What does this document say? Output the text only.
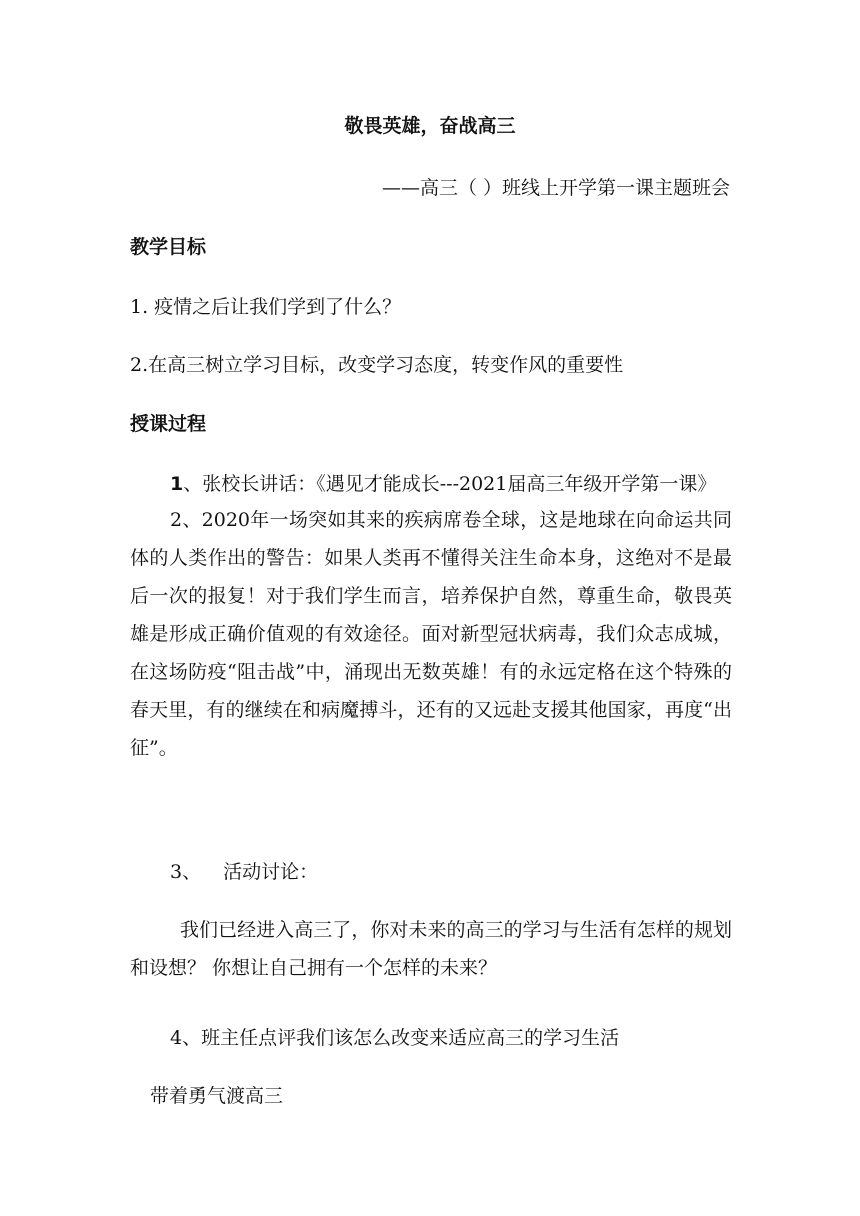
敬畏英雄，奋战高三
——高三（ ）班线上开学第一课主题班会
教学目标
1. 疫情之后让我们学到了什么？
2.在高三树立学习目标，改变学习态度，转变作风的重要性
授课过程
1、张校长讲话：《遇见才能成长---2021届高三年级开学第一课》
2、2020年一场突如其来的疾病席卷全球，这是地球在向命运共同体的人类作出的警告：如果人类再不懂得关注生命本身，这绝对不是最后一次的报复！对于我们学生而言，培养保护自然，尊重生命，敬畏英雄是形成正确价值观的有效途径。面对新型冠状病毒，我们众志成城，在这场防疫“阻击战”中，涌现出无数英雄！有的永远定格在这个特殊的春天里，有的继续在和病魔搏斗，还有的又远赴支援其他国家，再度“出征”。
3、 活动讨论：
我们已经进入高三了，你对未来的高三的学习与生活有怎样的规划和设想？ 你想让自己拥有一个怎样的未来？
4、班主任点评我们该怎么改变来适应高三的学习生活
带着勇气渡高三
